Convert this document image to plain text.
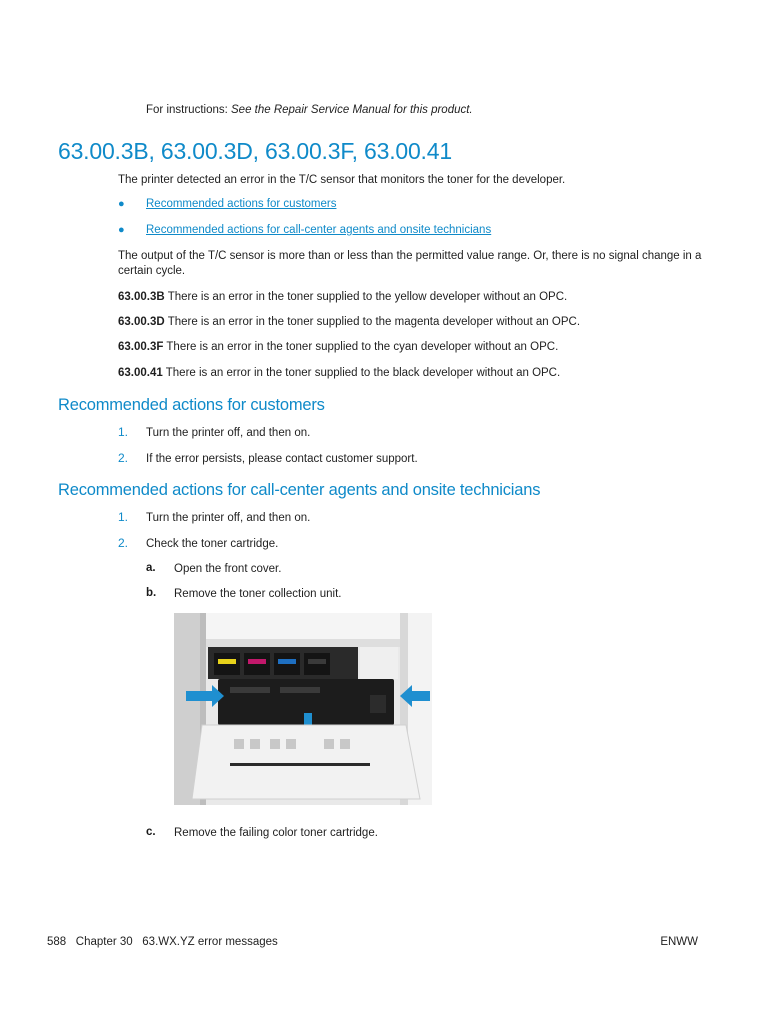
For instructions: See the Repair Service Manual for this product.
63.00.3B, 63.00.3D, 63.00.3F, 63.00.41
The printer detected an error in the T/C sensor that monitors the toner for the developer.
● Recommended actions for customers
● Recommended actions for call-center agents and onsite technicians
The output of the T/C sensor is more than or less than the permitted value range. Or, there is no signal change in a certain cycle.
63.00.3B There is an error in the toner supplied to the yellow developer without an OPC.
63.00.3D There is an error in the toner supplied to the magenta developer without an OPC.
63.00.3F There is an error in the toner supplied to the cyan developer without an OPC.
63.00.41 There is an error in the toner supplied to the black developer without an OPC.
Recommended actions for customers
1. Turn the printer off, and then on.
2. If the error persists, please contact customer support.
Recommended actions for call-center agents and onsite technicians
1. Turn the printer off, and then on.
2. Check the toner cartridge.
a. Open the front cover.
b. Remove the toner collection unit.
c. Remove the failing color toner cartridge.
588 Chapter 30 63.WX.YZ error messages	ENWW
